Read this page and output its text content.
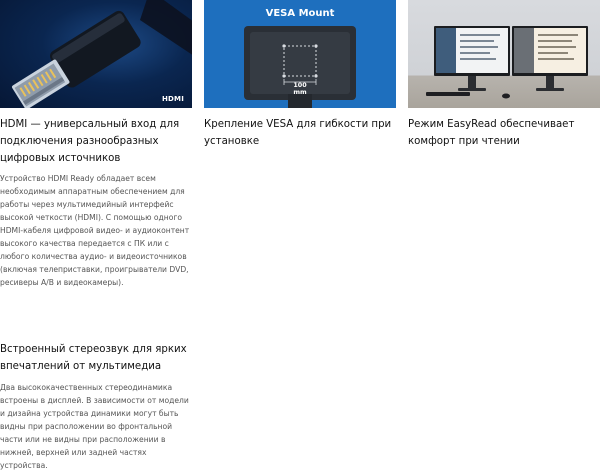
HDMI
HDMI — универсальный вход для подключения разнообразных цифровых источников

Устройство HDMI Ready обладает всем необходимым аппаратным обеспечением для работы через мультимедийный интерфейс высокой четкости (HDMI). С помощью одного HDMI-кабеля цифровой видео- и аудиоконтент высокого качества передается с ПК или с любого количества аудио- и видеоисточников (включая телеприставки, проигрыватели DVD, ресиверы A/B и видеокамеры).

Встроенный стереозвук для ярких впечатлений от мультимедиа

Два высококачественных стереодинамика встроены в дисплей. В зависимости от модели и дизайна устройства динамики могут быть видны при расположении во фронтальной части или не видны при расположении в нижней, верхней или задней частях устройства.

VESA Mount
100 mm
Крепление VESA для гибкости при установке
Режим EasyRead обеспечивает комфорт при чтении
